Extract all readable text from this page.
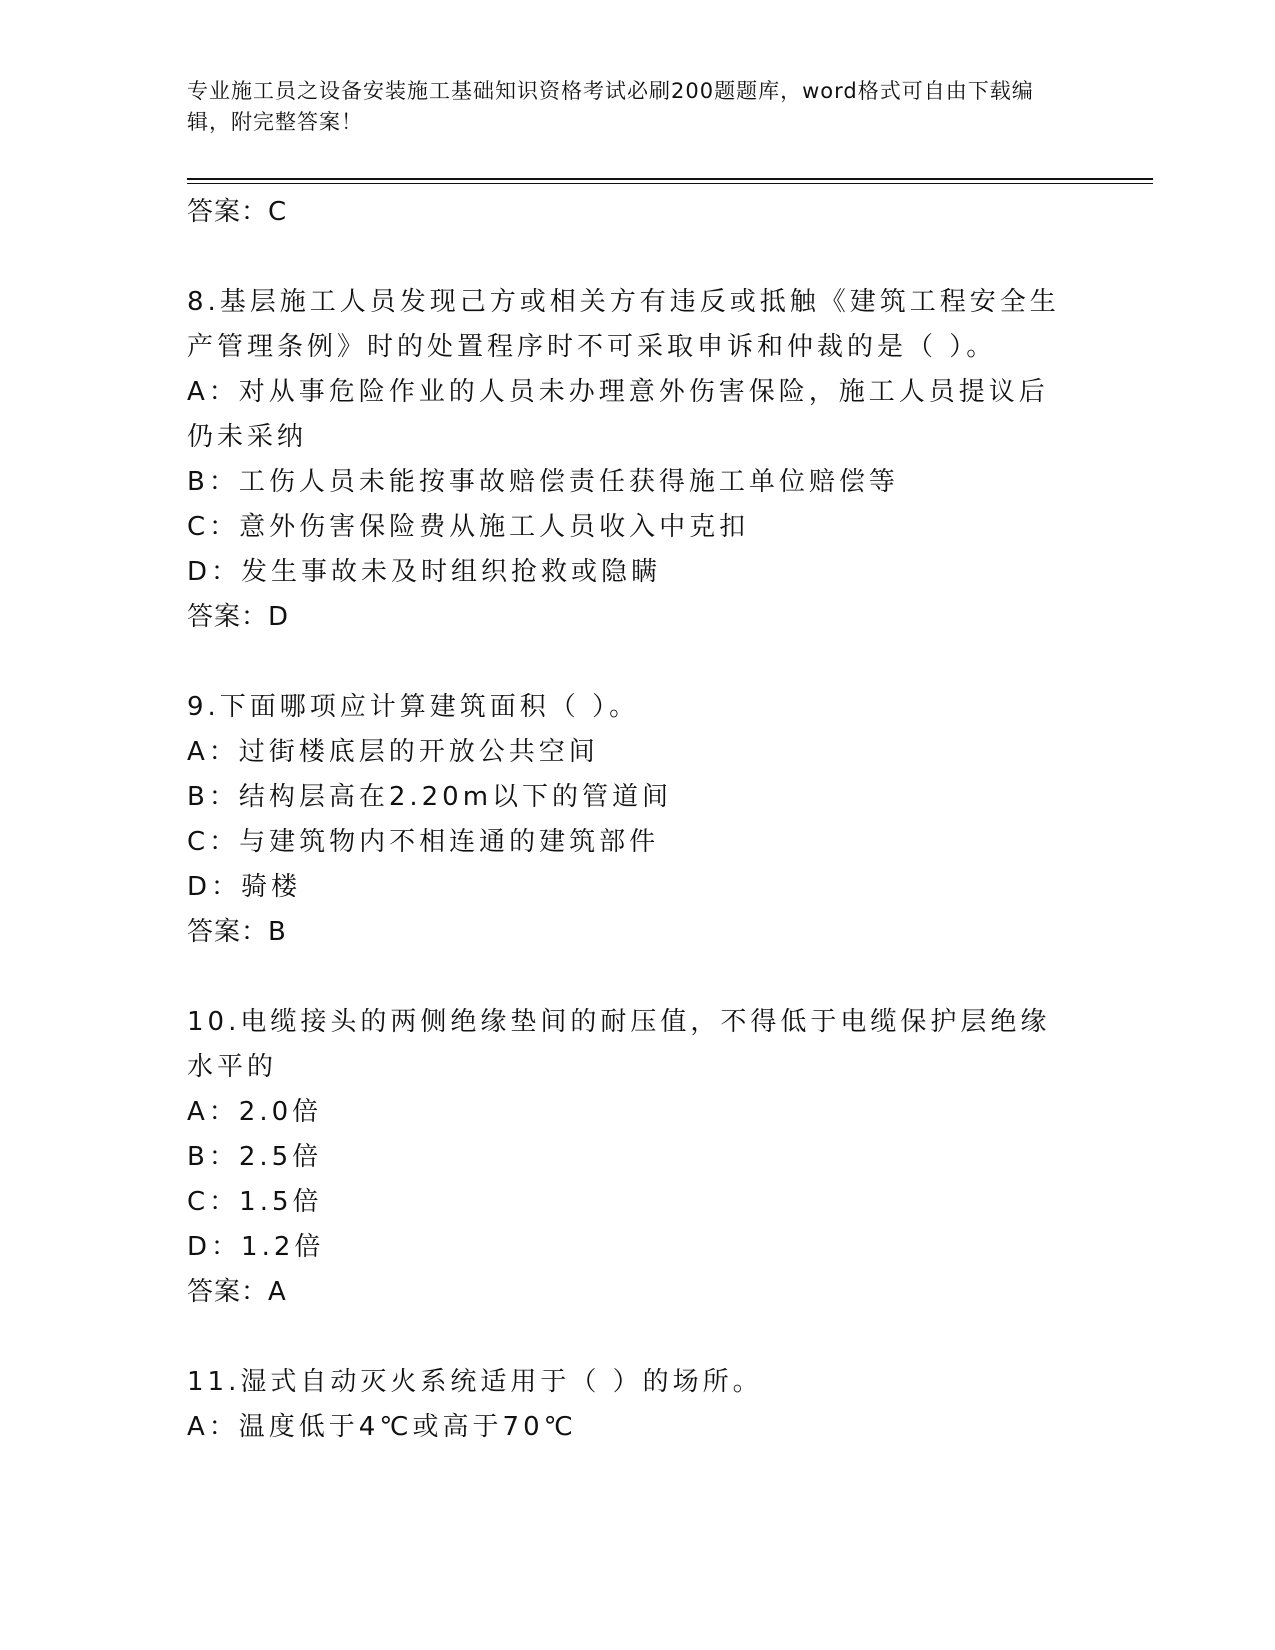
专业施工员之设备安装施工基础知识资格考试必刷200题题库，word格式可自由下载编辑，附完整答案！
答案：C
8.基层施工人员发现己方或相关方有违反或抵触《建筑工程安全生产管理条例》时的处置程序时不可采取申诉和仲裁的是（ ）。
A：对从事危险作业的人员未办理意外伤害保险，施工人员提议后仍未采纳
B：工伤人员未能按事故赔偿责任获得施工单位赔偿等
C：意外伤害保险费从施工人员收入中克扣
D：发生事故未及时组织抢救或隐瞒
答案：D
9.下面哪项应计算建筑面积（ ）。
A：过街楼底层的开放公共空间
B：结构层高在2.20m以下的管道间
C：与建筑物内不相连通的建筑部件
D：骑楼
答案：B
10.电缆接头的两侧绝缘垫间的耐压值，不得低于电缆保护层绝缘水平的
A：2.0倍
B：2.5倍
C：1.5倍
D：1.2倍
答案：A
11.湿式自动灭火系统适用于（ ）的场所。
A：温度低于4℃或高于70℃
